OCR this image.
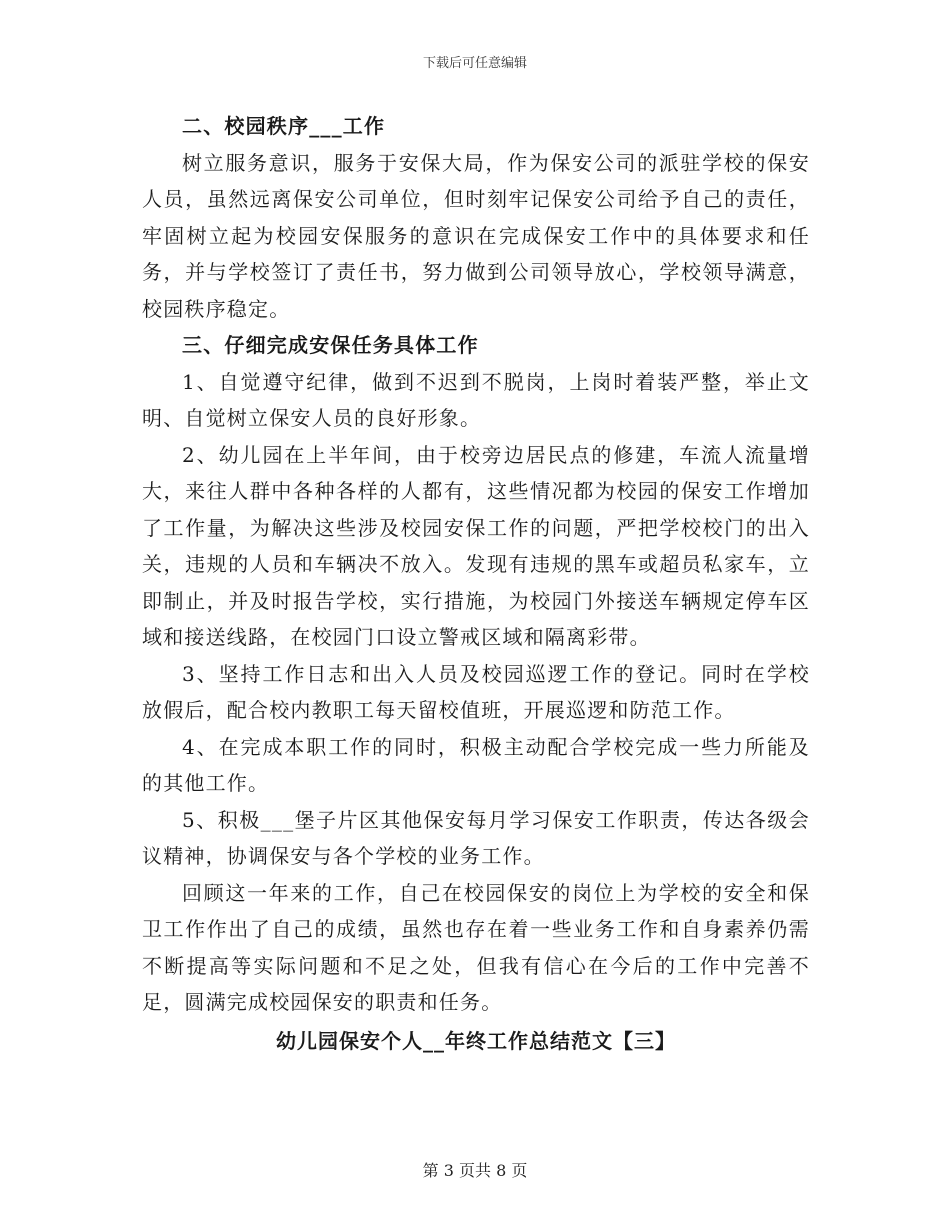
下载后可任意编辑

二、校园秩序___工作

树立服务意识，服务于安保大局，作为保安公司的派驻学校的保安人员，虽然远离保安公司单位，但时刻牢记保安公司给予自己的责任，牢固树立起为校园安保服务的意识在完成保安工作中的具体要求和任务，并与学校签订了责任书，努力做到公司领导放心，学校领导满意，校园秩序稳定。

三、仔细完成安保任务具体工作

1、自觉遵守纪律，做到不迟到不脱岗，上岗时着装严整，举止文明、自觉树立保安人员的良好形象。

2、幼儿园在上半年间，由于校旁边居民点的修建，车流人流量增大，来往人群中各种各样的人都有，这些情况都为校园的保安工作增加了工作量，为解决这些涉及校园安保工作的问题，严把学校校门的出入关，违规的人员和车辆决不放入。发现有违规的黑车或超员私家车，立即制止，并及时报告学校，实行措施，为校园门外接送车辆规定停车区域和接送线路，在校园门口设立警戒区域和隔离彩带。

3、坚持工作日志和出入人员及校园巡逻工作的登记。同时在学校放假后，配合校内教职工每天留校值班，开展巡逻和防范工作。

4、在完成本职工作的同时，积极主动配合学校完成一些力所能及的其他工作。

5、积极___堡子片区其他保安每月学习保安工作职责，传达各级会议精神，协调保安与各个学校的业务工作。

回顾这一年来的工作，自己在校园保安的岗位上为学校的安全和保卫工作作出了自己的成绩，虽然也存在着一些业务工作和自身素养仍需不断提高等实际问题和不足之处，但我有信心在今后的工作中完善不足，圆满完成校园保安的职责和任务。

幼儿园保安个人__年终工作总结范文【三】

第 3 页共 8 页
